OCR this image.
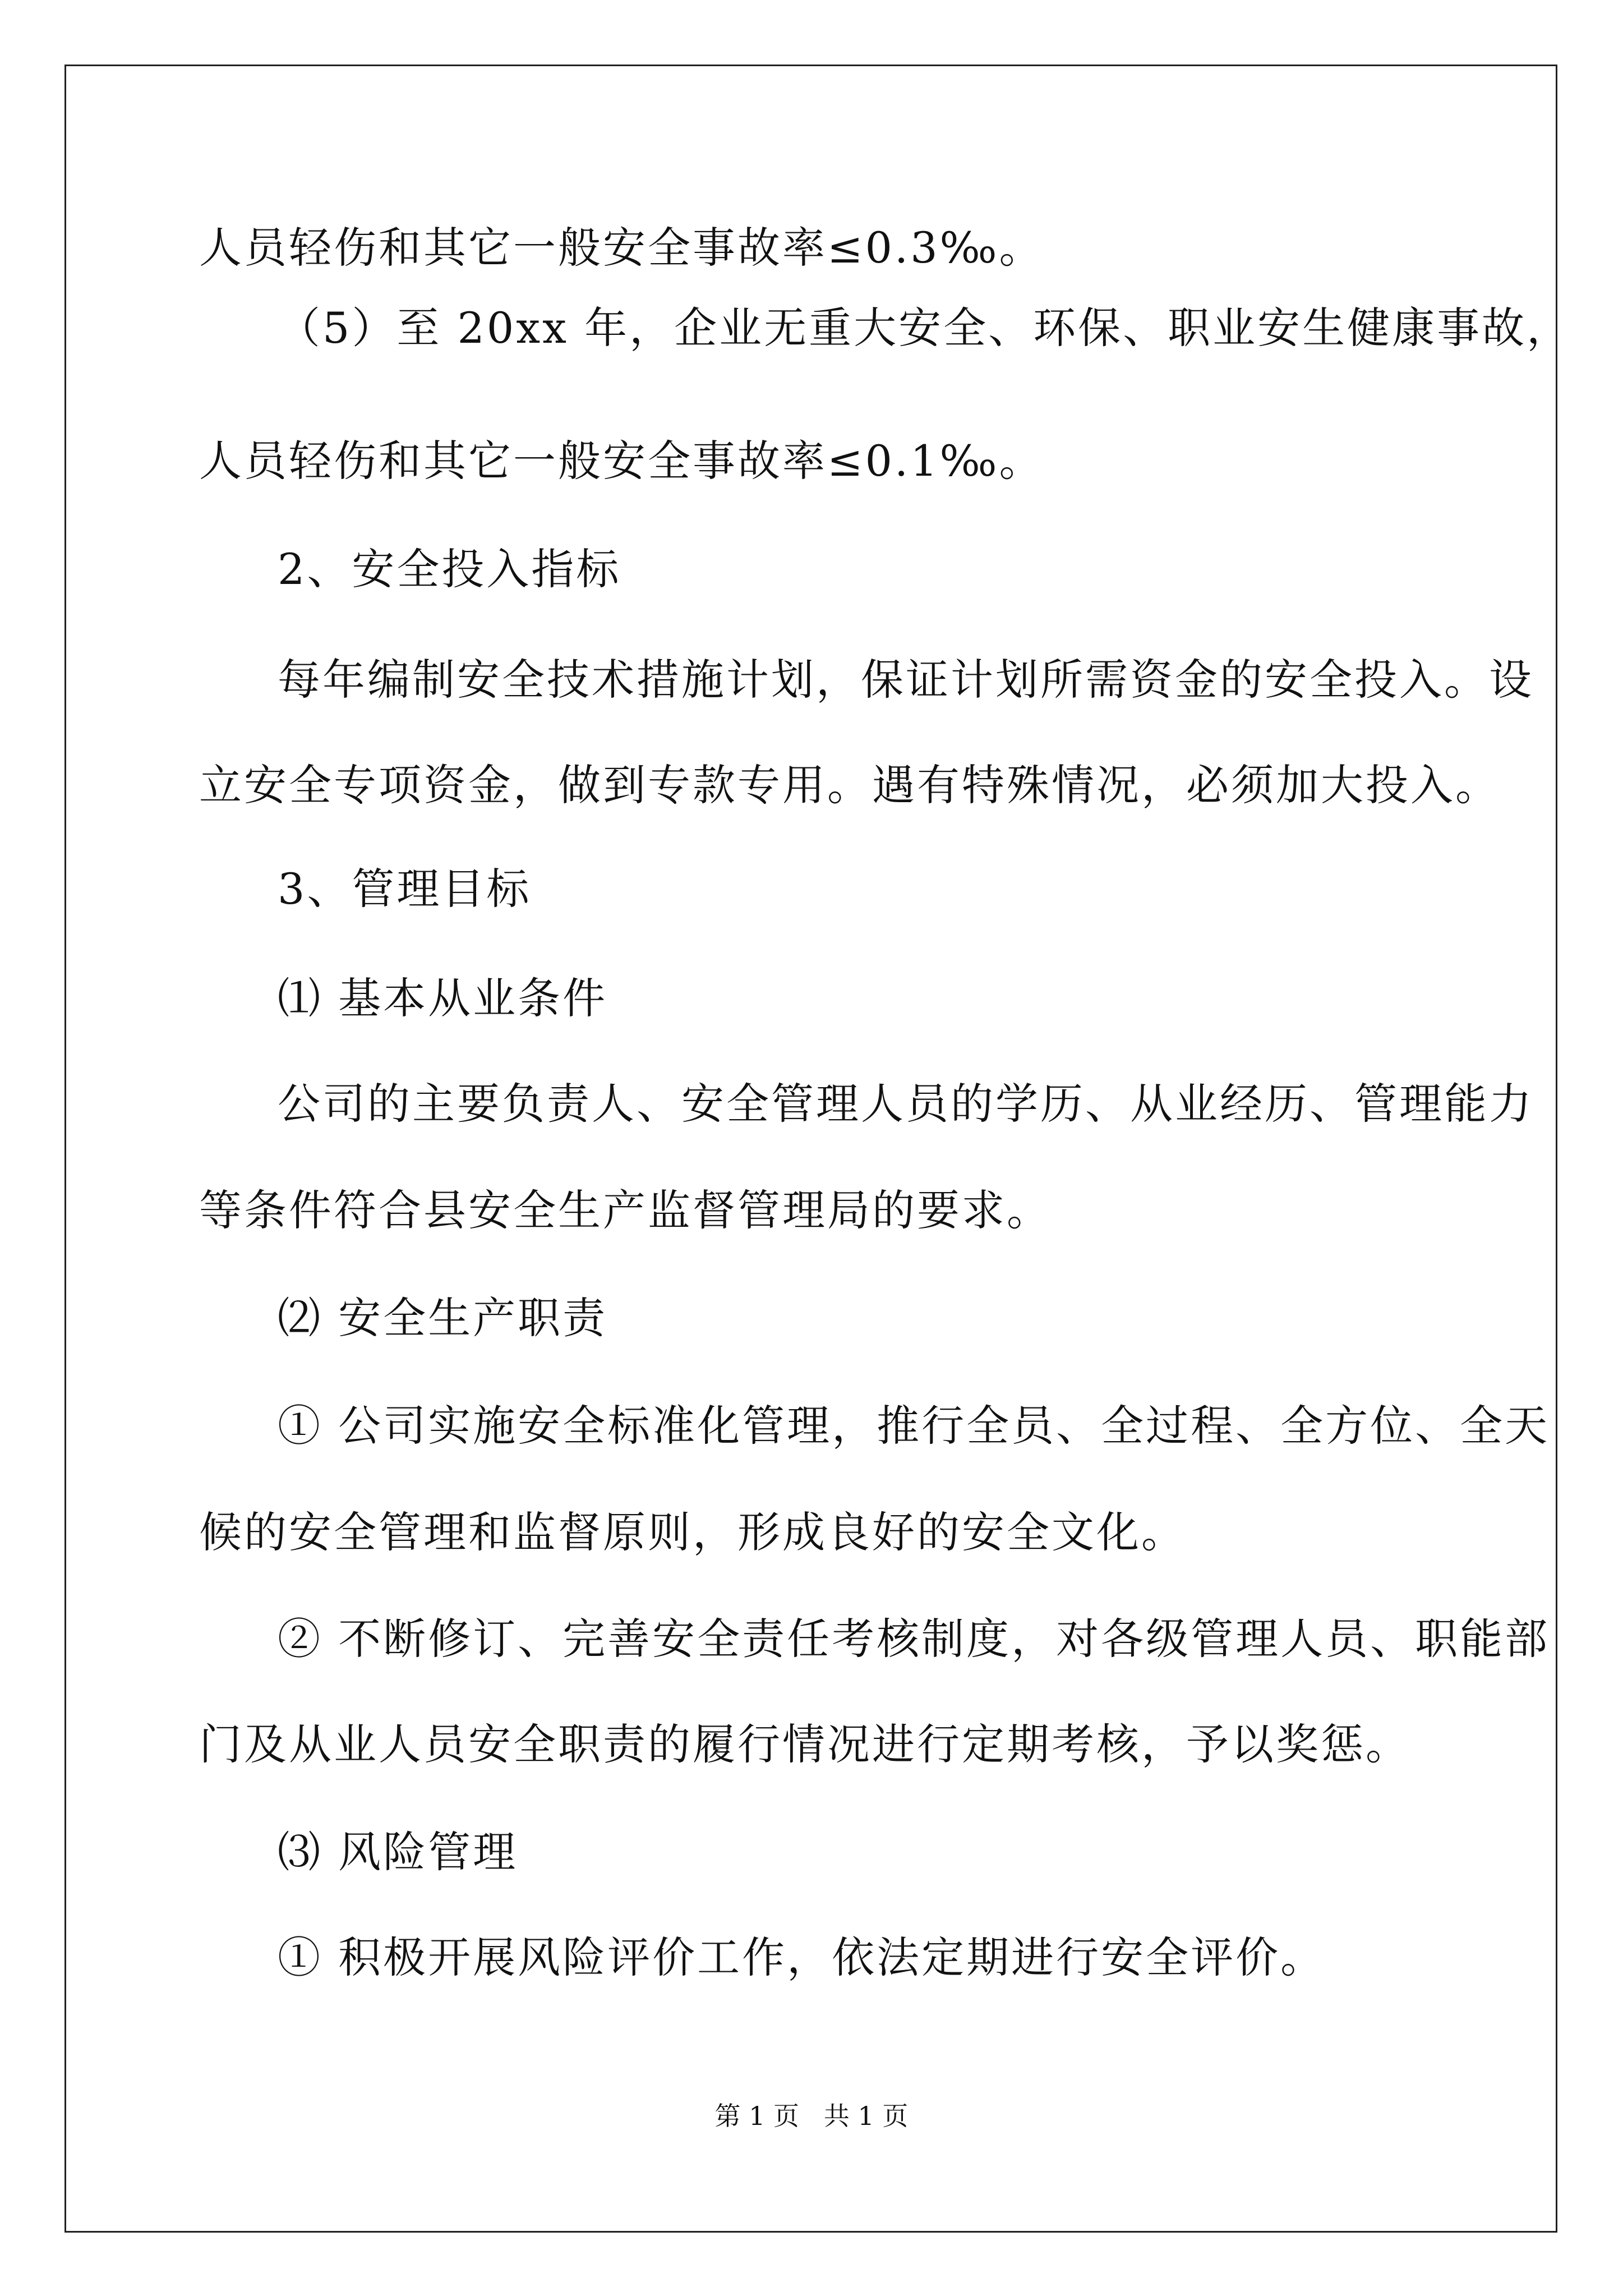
人员轻伤和其它一般安全事故率≤0.3‰。
（5）至 20xx 年，企业无重大安全、环保、职业安生健康事故，
人员轻伤和其它一般安全事故率≤0.1‰。
2、安全投入指标
每年编制安全技术措施计划，保证计划所需资金的安全投入。设
立安全专项资金，做到专款专用。遇有特殊情况，必须加大投入。
3、管理目标
⑴ 基本从业条件
公司的主要负责人、安全管理人员的学历、从业经历、管理能力
等条件符合县安全生产监督管理局的要求。
⑵ 安全生产职责
① 公司实施安全标准化管理，推行全员、全过程、全方位、全天
候的安全管理和监督原则，形成良好的安全文化。
② 不断修订、完善安全责任考核制度，对各级管理人员、职能部
门及从业人员安全职责的履行情况进行定期考核，予以奖惩。
⑶ 风险管理
① 积极开展风险评价工作，依法定期进行安全评价。
第 1 页   共 1 页
